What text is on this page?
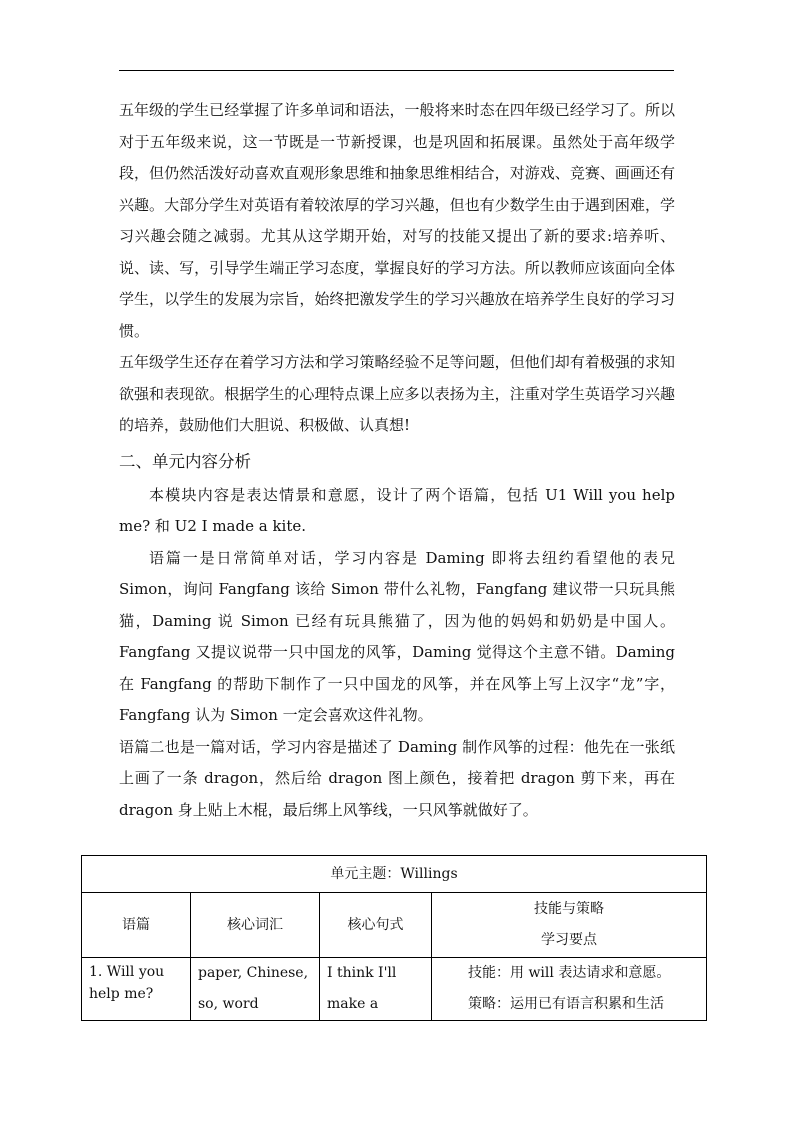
五年级的学生已经掌握了许多单词和语法，一般将来时态在四年级已经学习了。所以对于五年级来说，这一节既是一节新授课，也是巩固和拓展课。虽然处于高年级学段，但仍然活泼好动喜欢直观形象思维和抽象思维相结合，对游戏、竞赛、画画还有兴趣。大部分学生对英语有着较浓厚的学习兴趣，但也有少数学生由于遇到困难，学习兴趣会随之减弱。尤其从这学期开始，对写的技能又提出了新的要求:培养听、说、读、写，引导学生端正学习态度，掌握良好的学习方法。所以教师应该面向全体学生，以学生的发展为宗旨，始终把激发学生的学习兴趣放在培养学生良好的学习习惯。

五年级学生还存在着学习方法和学习策略经验不足等问题，但他们却有着极强的求知欲强和表现欲。根据学生的心理特点课上应多以表扬为主，注重对学生英语学习兴趣的培养，鼓励他们大胆说、积极做、认真想!

二、单元内容分析

本模块内容是表达情景和意愿，设计了两个语篇，包括 U1 Will you help me? 和 U2 I made a kite.

语篇一是日常简单对话，学习内容是 Daming 即将去纽约看望他的表兄 Simon，询问 Fangfang 该给 Simon 带什么礼物，Fangfang 建议带一只玩具熊猫，Daming 说 Simon 已经有玩具熊猫了，因为他的妈妈和奶奶是中国人。Fangfang 又提议说带一只中国龙的风筝，Daming 觉得这个主意不错。Daming 在 Fangfang 的帮助下制作了一只中国龙的风筝，并在风筝上写上汉字“龙”字，Fangfang 认为 Simon 一定会喜欢这件礼物。

语篇二也是一篇对话，学习内容是描述了 Daming 制作风筝的过程：他先在一张纸上画了一条 dragon，然后给 dragon 图上颜色，接着把 dragon 剪下来，再在 dragon 身上贴上木棍，最后绑上风筝线，一只风筝就做好了。

单元主题：Willings			
语篇	核心词汇	核心句式	技能与策略
学习要点

1. Will you help me?	paper, Chinese, so, word	I think I'll make a	技能：用 will 表达请求和意愿。
策略：运用已有语言积累和生活
